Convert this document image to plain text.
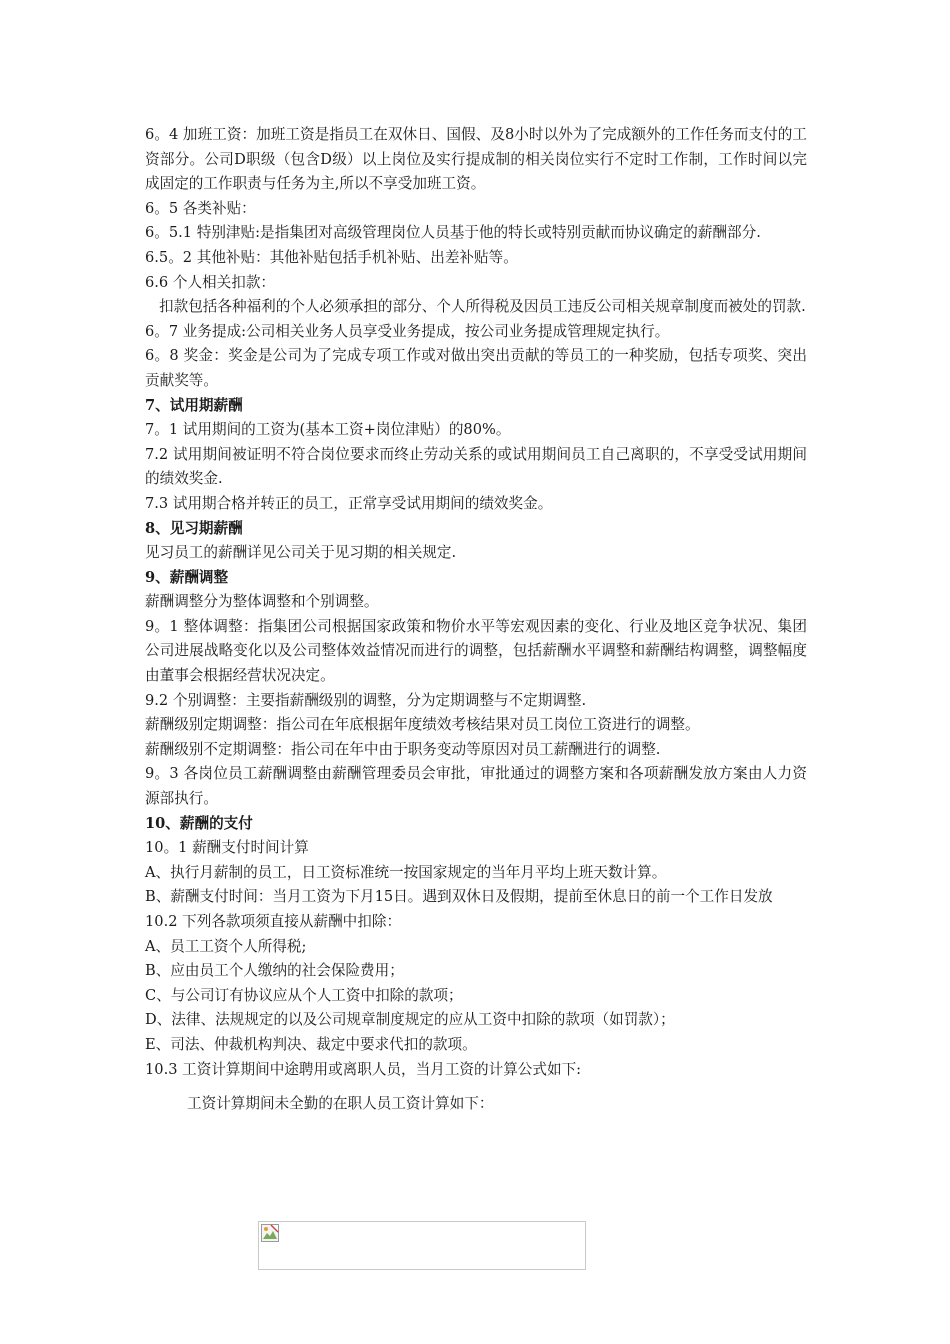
6。4 加班工资：加班工资是指员工在双休日、国假、及8小时以外为了完成额外的工作任务而支付的工资部分。公司D职级（包含D级）以上岗位及实行提成制的相关岗位实行不定时工作制，工作时间以完成固定的工作职责与任务为主,所以不享受加班工资。

6。5 各类补贴：

6。5.1 特别津贴:是指集团对高级管理岗位人员基于他的特长或特别贡献而协议确定的薪酬部分.

6.5。2 其他补贴：其他补贴包括手机补贴、出差补贴等。

6.6 个人相关扣款：

扣款包括各种福利的个人必须承担的部分、个人所得税及因员工违反公司相关规章制度而被处的罚款.

6。7 业务提成:公司相关业务人员享受业务提成，按公司业务提成管理规定执行。

6。8 奖金：奖金是公司为了完成专项工作或对做出突出贡献的等员工的一种奖励，包括专项奖、突出贡献奖等。

7、试用期薪酬

7。1 试用期间的工资为(基本工资+岗位津贴）的80%。

7.2 试用期间被证明不符合岗位要求而终止劳动关系的或试用期间员工自己离职的，不享受受试用期间的绩效奖金.

7.3 试用期合格并转正的员工，正常享受试用期间的绩效奖金。

8、见习期薪酬

见习员工的薪酬详见公司关于见习期的相关规定.

9、薪酬调整

薪酬调整分为整体调整和个别调整。

9。1 整体调整：指集团公司根据国家政策和物价水平等宏观因素的变化、行业及地区竞争状况、集团公司进展战略变化以及公司整体效益情况而进行的调整，包括薪酬水平调整和薪酬结构调整，调整幅度由董事会根据经营状况决定。

9.2 个别调整：主要指薪酬级别的调整，分为定期调整与不定期调整.

薪酬级别定期调整：指公司在年底根据年度绩效考核结果对员工岗位工资进行的调整。

薪酬级别不定期调整：指公司在年中由于职务变动等原因对员工薪酬进行的调整.

9。3 各岗位员工薪酬调整由薪酬管理委员会审批，审批通过的调整方案和各项薪酬发放方案由人力资源部执行。

10、薪酬的支付

10。1 薪酬支付时间计算

A、执行月薪制的员工，日工资标准统一按国家规定的当年月平均上班天数计算。

B、薪酬支付时间：当月工资为下月15日。遇到双休日及假期，提前至休息日的前一个工作日发放

10.2 下列各款项须直接从薪酬中扣除：

A、员工工资个人所得税;

B、应由员工个人缴纳的社会保险费用；

C、与公司订有协议应从个人工资中扣除的款项；

D、法律、法规规定的以及公司规章制度规定的应从工资中扣除的款项（如罚款）；

E、司法、仲裁机构判决、裁定中要求代扣的款项。

10.3 工资计算期间中途聘用或离职人员，当月工资的计算公式如下:

工资计算期间未全勤的在职人员工资计算如下：
